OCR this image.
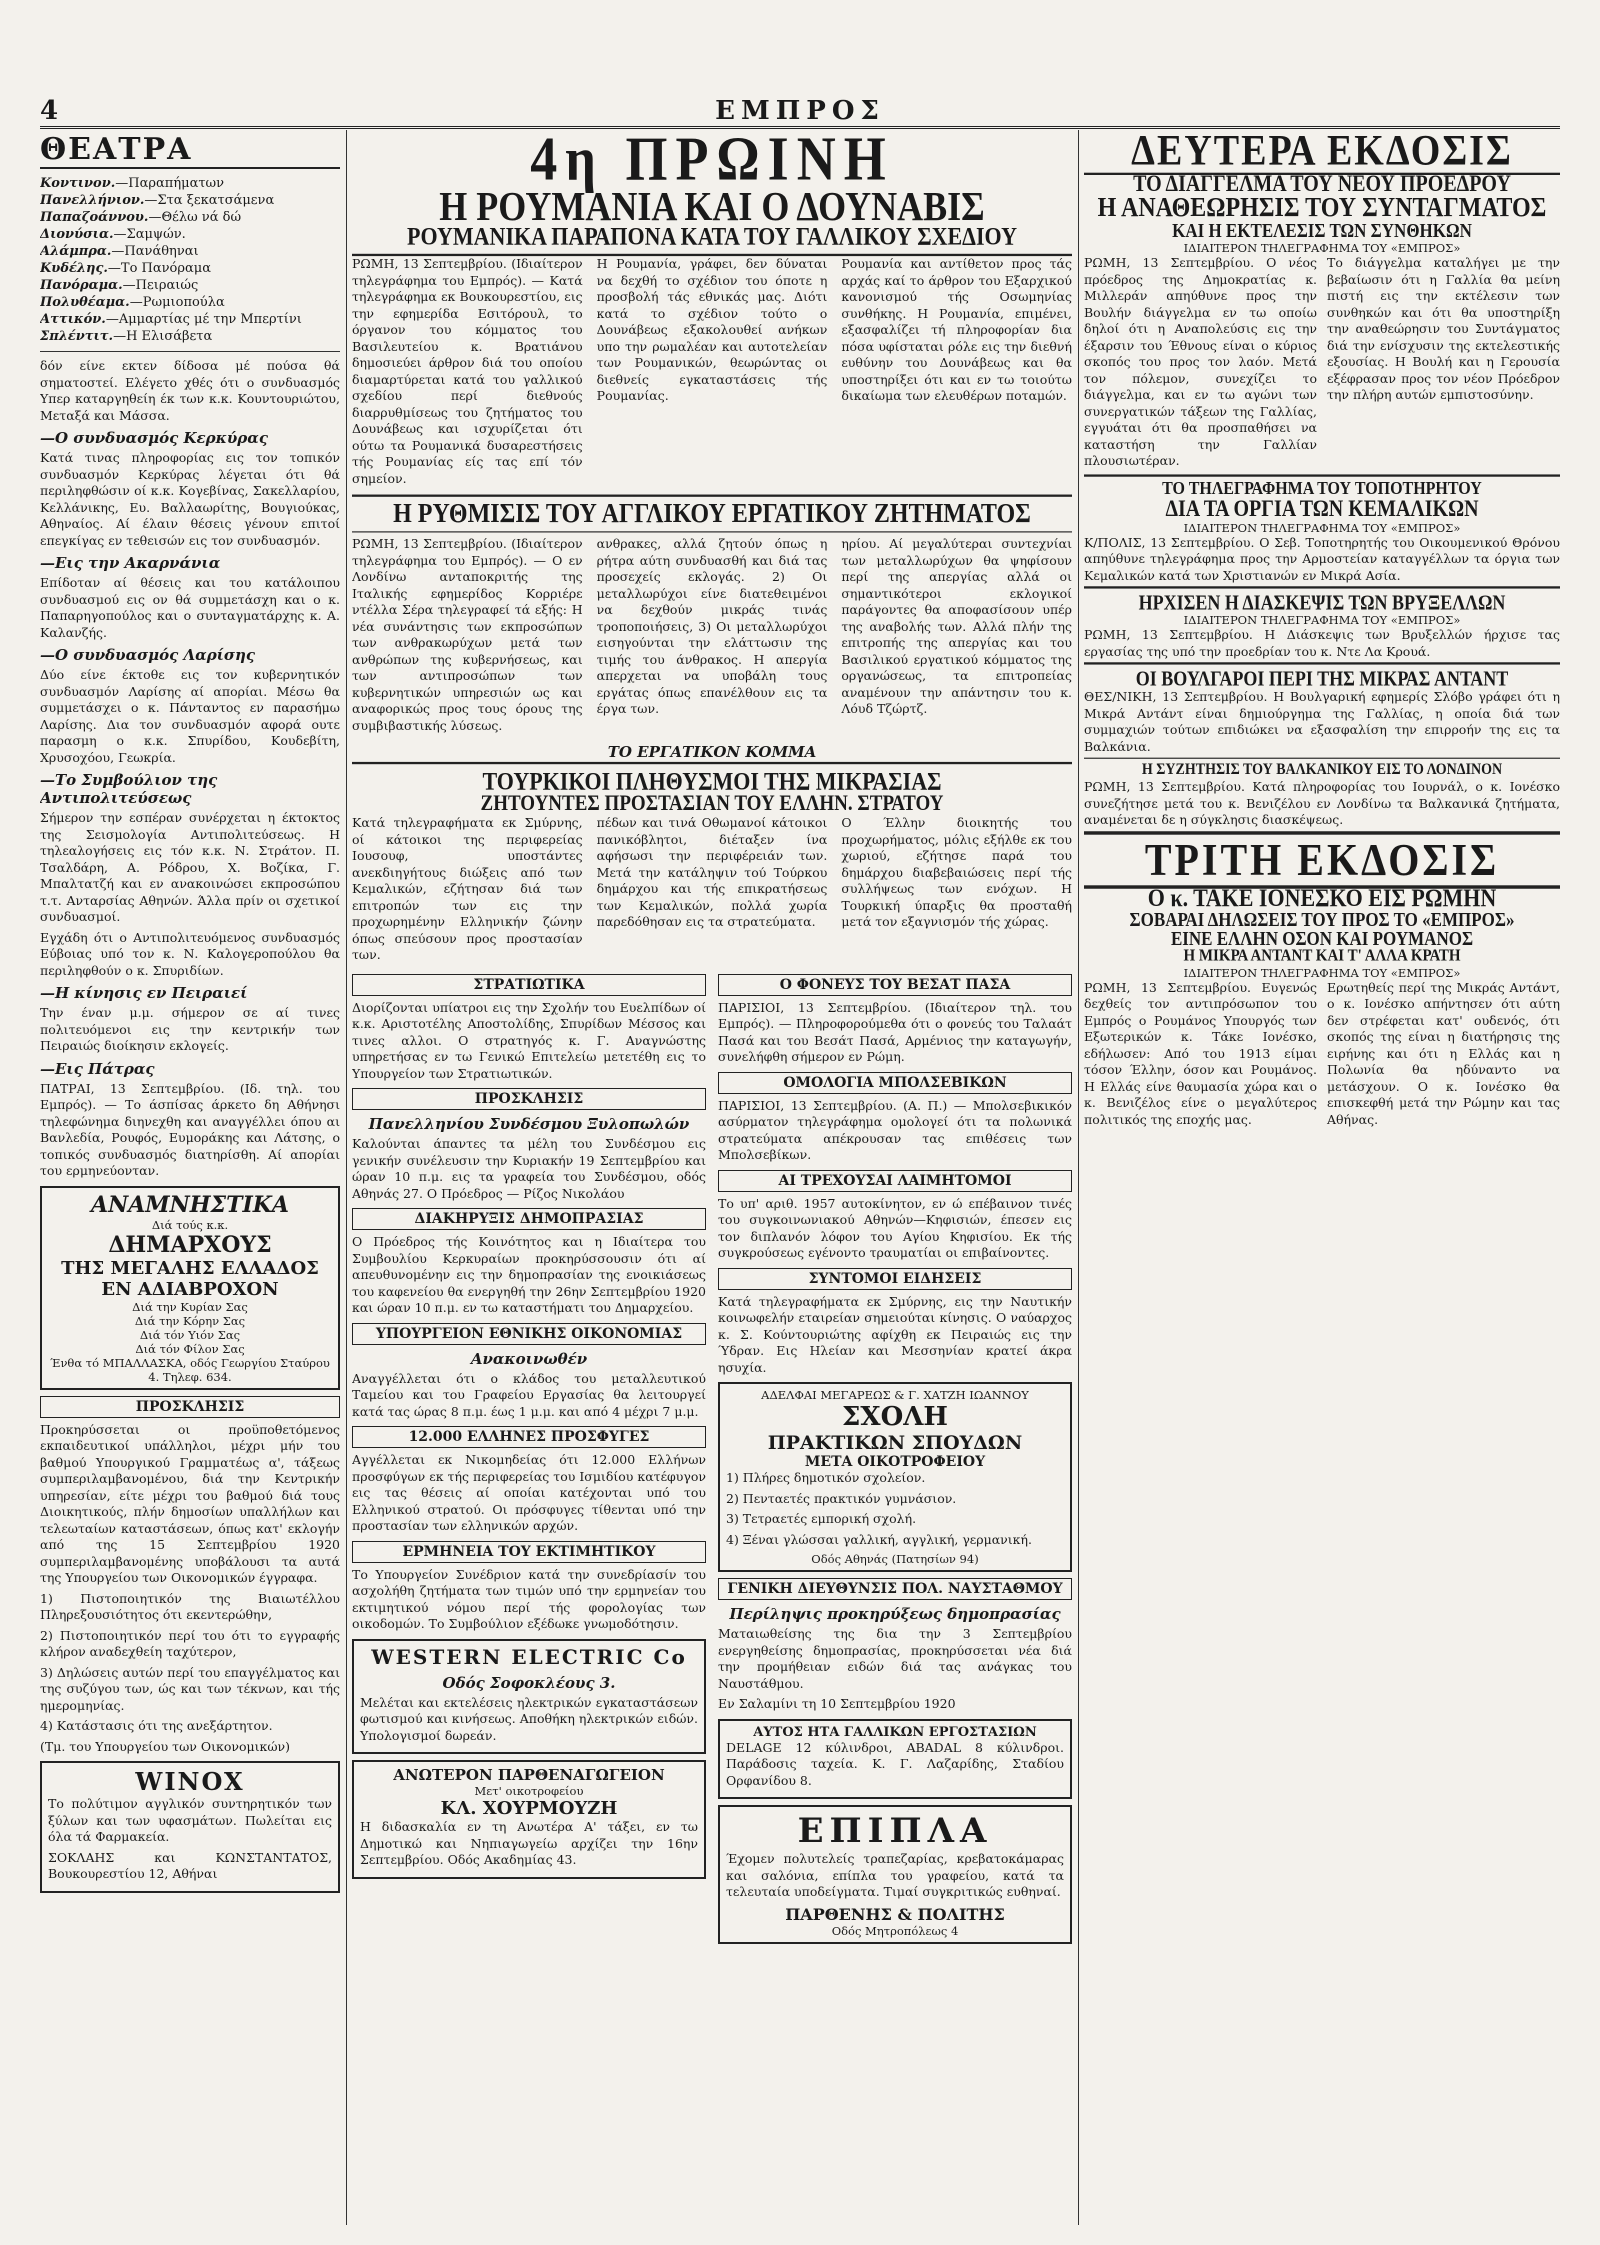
4	ΕΜΠΡΟΣ
ΘΕΑΤΡΑ

Κοντινον.—Παραπήματων

Πανελλήνιον.—Στα ξεκατσάμενα

Παπαζοάννου.—Θέλω νά δώ

Διονύσια.—Σαμψών.

Αλάμπρα.—Πανάθηναι

Κυδέλης.—Το Πανόραμα

Πανόραμα.—Πειραιώς

Πολυθέαμα.—Ρωμιοπούλα

Αττικόν.—Αμμαρτίας μέ την Μπερτίνι

Σπλέντιτ.—Η Ελισάβετα

δόν είνε εκτεν δίδοσα μέ πούσα θά σηματοστεί. Ελέγετο χθές ότι ο συνδυασμός Υπερ καταργηθείη έκ των κ.κ. Κουντουριώτου, Μεταξά και Μάσσα.

—Ο συνδυασμός Κερκύρας

Κατά τινας πληροφορίας εις τον τοπικόν συνδυασμόν Κερκύρας λέγεται ότι θά περιληφθώσιν οί κ.κ. Κογεβίνας, Σακελλαρίου, Κελλάνικης, Ευ. Βαλλαωρίτης, Βουγιούκας, Αθηναίος. Αί έλαιν θέσεις γένουν επιτοί επεγκίγας εν τεθεισών εις τον συνδυασμόν.

—Εις την Ακαρνάνια

Επίδοταν αί θέσεις και του κατάλοιπου συνδυασμού εις ον θά συμμετάσχη και ο κ. Παπαρηγοπούλος και ο συνταγματάρχης κ. Α. Καλανζής.

—Ο συνδυασμός Λαρίσης

Δύο είνε έκτοθε εις τον κυβερνητικόν συνδυασμόν Λαρίσης αί απορίαι. Μέσω θα συμμετάσχει ο κ. Πάνταντος εν παρασήμω Λαρίσης. Δια τον συνδυασμόν αφορά ουτε παρασμη ο κ.κ. Σπυρίδου, Κουδεβίτη, Χρυσοχόου, Γεωκρία.

—Το Συμβούλιον της Αντιπολιτεύσεως

Σήμερον την εσπέραν συνέρχεται η έκτοκτος της Σεισμολογία Αντιπολιτεύσεως. Η τηλεαλογήσεις εις τόν κ.κ. Ν. Στράτον. Π. Τσαλδάρη, Α. Ρόδρου, Χ. Βοζίκα, Γ. Μπαλτατζή και εν ανακοινώσει εκπροσώπου τ.τ. Ανταρσίας Αθηνών. Άλλα πρίν οι σχετικοί συνδυασμοί.

Εγχάδη ότι ο Αντιπολιτευόμενος συνδυασμός Εύβοιας υπό τον κ. Ν. Καλογεροπούλου θα περιληφθούν ο κ. Σπυριδίων.

—Η κίνησις εν Πειραιεί

Την έναν μ.μ. σήμερον σε αί τινες πολιτευόμενοι εις την κεντρικήν των Πειραιώς διοίκησιν εκλογείς.

—Εις Πάτρας

ΠΑΤΡΑΙ, 13 Σεπτεμβρίου. (Ιδ. τηλ. του Εμπρός). — Το άσπίσας άρκετο δη Αθήνησι τηλεφώνημα διηνεχθη και αναγγέλλει όπου αι Βανλεδία, Ρουφός, Ευμοράκης και Λάτσης, ο τοπικός συνδυασμός διατηρίσθη. Αί απορίαι του ερμηνεύονταν.

ΑΝΑΜΝΗΣΤΙΚΑ
Διά τούς κ.κ.
ΔΗΜΑΡΧΟΥΣ
ΤΗΣ ΜΕΓΑΛΗΣ ΕΛΛΑΔΟΣ
ΕΝ ΑΔΙΑΒΡΟΧΟΝ
Διά την Κυρίαν Σας
Διά την Κόρην Σας
Διά τόν Υιόν Σας
Διά τόν Φίλον Σας
Ένθα τό ΜΠΑΛΛΑΣΚΑ, οδός Γεωργίου Σταύρου 4. Τηλεφ. 634.
ΠΡΟΣΚΛΗΣΙΣ

Προκηρύσσεται οι προϋποθετόμενος εκπαιδευτικοί υπάλληλοι, μέχρι μήν του βαθμού Υπουργικού Γραμματέως α', τάξεως συμπεριλαμβανομένου, διά την Κεντρικήν υπηρεσίαν, είτε μέχρι του βαθμού διά τους Διοικητικούς, πλήν δημοσίων υπαλλήλων και τελεωταίων καταστάσεων, όπως κατ' εκλογήν από της 15 Σεπτεμβρίου 1920 συμπεριλαμβανομένης υποβάλουσι τα αυτά της Υπουργείου των Οικονομικών έγγραφα.

1) Πιστοποιητικόν της Βιαιωτέλλου Πληρεξουσιότητος ότι εκεντερώθην,

2) Πιστοποιητικόν περί του ότι το εγγραφής κλήρον αναδεχθείη ταχύτερον,

3) Δηλώσεις αυτών περί του επαγγέλματος και της συζύγου των, ώς και των τέκνων, και τής ημερομηνίας.

4) Κατάστασις ότι της ανεξάρτητον.

(Τμ. του Υπουργείου των Οικονομικών)

WINOX

Το πολύτιμον αγγλικόν συντηρητικόν των ξύλων και των υφασμάτων. Πωλείται εις όλα τά Φαρμακεία.

ΣΟΚΛΑΗΣ και ΚΩΝΣΤΑΝΤΑΤΟΣ, Βουκουρεστίου 12, Αθήναι

4η ΠΡΩΙΝΗ
Η ΡΟΥΜΑΝΙΑ ΚΑΙ Ο ΔΟΥΝΑΒΙΣ
ΡΟΥΜΑΝΙΚΑ ΠΑΡΑΠΟΝΑ ΚΑΤΑ ΤΟΥ ΓΑΛΛΙΚΟΥ ΣΧΕΔΙΟΥ

ΡΩΜΗ, 13 Σεπτεμβρίου. (Ιδιαίτερον τηλεγράφημα του Εμπρός). — Κατά τηλεγράφημα εκ Βουκουρεστίου, εις την εφημερίδα Εσιτόρουλ, το όργανον του κόμματος του Βασιλευτείου κ. Βρατιάνου δημοσιεύει άρθρον διά του οποίου διαμαρτύρεται κατά του γαλλικού σχεδίου περί διεθνούς διαρρυθμίσεως του ζητήματος του Δουνάβεως και ισχυρίζεται ότι ούτω τα Ρουμανικά δυσαρεστήσεις τής Ρουμανίας είς τας επί τόν σημείον.

Η Ρουμανία, γράφει, δεν δύναται να δεχθή το σχέδιον του όποτε η προσβολή τάς εθνικάς μας. Διότι κατά το σχέδιον τούτο ο Δουνάβεως εξακολουθεί ανήκων υπο την ρωμαλέαν και αυτοτελείαν των Ρουμανικών, θεωρώντας οι διεθνείς εγκαταστάσεις τής Ρουμανίας.

Ρουμανία και αντίθετον προς τάς αρχάς καί το άρθρον του Εξαρχικού κανονισμού τής Οσωμηνίας συνθήκης. Η Ρουμανία, επιμένει, εξασφαλίζει τή πληροφορίαν δια πόσα υφίσταται ρόλε εις την διεθνή ευθύνην του Δουνάβεως και θα υποστηρίξει ότι και εν τω τοιούτω δικαίωμα των ελευθέρων ποταμών.

Η ΡΥΘΜΙΣΙΣ ΤΟΥ ΑΓΓΛΙΚΟΥ ΕΡΓΑΤΙΚΟΥ ΖΗΤΗΜΑΤΟΣ

ΡΩΜΗ, 13 Σεπτεμβρίου. (Ιδιαίτερον τηλεγράφημα του Εμπρός). — Ο εν Λονδίνω ανταποκριτής της Ιταλικής εφημερίδος Κορριέρε ντέλλα Σέρα τηλεγραφεί τά εξής: Η νέα συνάντησις των εκπροσώπων των ανθρακωρύχων μετά των ανθρώπων της κυβερνήσεως, και των αντιπροσώπων των κυβερνητικών υπηρεσιών ως και αναφορικώς προς τους όρους της συμβιβαστικής λύσεως.

ανθρακες, αλλά ζητούν όπως η ρήτρα αύτη συνδυασθή και διά τας προσεχείς εκλογάς. 2) Οι μεταλλωρύχοι είνε διατεθειμένοι να δεχθούν μικράς τινάς τροποποιήσεις, 3) Οι μεταλλωρύχοι εισηγούνται την ελάττωσιν της τιμής του άνθρακος. Η απεργία απερχεται να υποβάλη τους εργάτας όπως επανέλθουν εις τα έργα των.

ηρίου. Αί μεγαλύτεραι συντεχνίαι των μεταλλωρύχων θα ψηφίσουν περί της απεργίας αλλά οι σημαντικότεροι εκλογικοί παράγοντες θα αποφασίσουν υπέρ της αναβολής των. Αλλά πλήν της επιτροπής της απεργίας και του Βασιλικού εργατικού κόμματος της οργανώσεως, τα επιτροπείας αναμένουν την απάντησιν του κ. Λόυδ Τζώρτζ.

ΤΟ ΕΡΓΑΤΙΚΟΝ ΚΟΜΜΑ
ΤΟΥΡΚΙΚΟΙ ΠΛΗΘΥΣΜΟΙ ΤΗΣ ΜΙΚΡΑΣΙΑΣ
ΖΗΤΟΥΝΤΕΣ ΠΡΟΣΤΑΣΙΑΝ ΤΟΥ ΕΛΛΗΝ. ΣΤΡΑΤΟΥ

Κατά τηλεγραφήματα εκ Σμύρνης, οί κάτοικοι της περιφερείας Ιουσουφ, υποστάντες ανεκδιηγήτους διώξεις από των Κεμαλικών, εζήτησαν διά των επιτροπών των εις την προχωρημένην Ελληνικήν ζώνην όπως σπεύσουν προς προστασίαν των.

πέδων και τινά Οθωμανοί κάτοικοι πανικόβλητοι, διέταξεν ίνα αφήσωσι την περιφέρειάν των. Μετά την κατάληψιν τού Τούρκου δημάρχου και τής επικρατήσεως των Κεμαλικών, πολλά χωρία παρεδόθησαν εις τα στρατεύματα.

Ο Έλλην διοικητής του προχωρήματος, μόλις εξήλθε εκ του χωριού, εζήτησε παρά του δημάρχου διαβεβαιώσεις περί τής συλλήψεως των ενόχων. Η Τουρκική ύπαρξις θα προσταθή μετά τον εξαγνισμόν τής χώρας.

ΣΤΡΑΤΙΩΤΙΚΑ

Διορίζονται υπίατροι εις την Σχολήν του Ευελπίδων οί κ.κ. Αριστοτέλης Αποστολίδης, Σπυρίδων Μέσσος και τινες αλλοι. Ο στρατηγός κ. Γ. Αναγνώστης υπηρετήσας εν τω Γενικώ Επιτελείω μετετέθη εις το Υπουργείον των Στρατιωτικών.

ΠΡΟΣΚΛΗΣΙΣ
Πανελληνίου Συνδέσμου Ξυλοπωλών

Καλούνται άπαντες τα μέλη του Συνδέσμου εις γενικήν συνέλευσιν την Κυριακήν 19 Σεπτεμβρίου και ώραν 10 π.μ. εις τα γραφεία του Συνδέσμου, οδός Αθηνάς 27. Ο Πρόεδρος — Ρίζος Νικολάου

ΔΙΑΚΗΡΥΞΙΣ ΔΗΜΟΠΡΑΣΙΑΣ

Ο Πρόεδρος τής Κοινότητος και η Ιδιαίτερα του Συμβουλίου Κερκυραίων προκηρύσσουσιν ότι αί απευθυνομένην εις την δημοπρασίαν της ενοικιάσεως του καφενείου θα ενεργηθή την 26ην Σεπτεμβρίου 1920 και ώραν 10 π.μ. εν τω καταστήματι του Δημαρχείου.

ΥΠΟΥΡΓΕΙΟΝ ΕΘΝΙΚΗΣ ΟΙΚΟΝΟΜΙΑΣ
Ανακοινωθέν

Αναγγέλλεται ότι ο κλάδος του μεταλλευτικού Ταμείου και του Γραφείου Εργασίας θα λειτουργεί κατά τας ώρας 8 π.μ. έως 1 μ.μ. και από 4 μέχρι 7 μ.μ.

12.000 ΕΛΛΗΝΕΣ ΠΡΟΣΦΥΓΕΣ

Αγγέλλεται εκ Νικομηδείας ότι 12.000 Ελλήνων προσφύγων εκ τής περιφερείας του Ισμιδίου κατέφυγον εις τας θέσεις αί οποίαι κατέχονται υπό του Ελληνικού στρατού. Οι πρόσφυγες τίθενται υπό την προστασίαν των ελληνικών αρχών.

ΕΡΜΗΝΕΙΑ ΤΟΥ ΕΚΤΙΜΗΤΙΚΟΥ

Το Υπουργείον Συνέδριον κατά την συνεδρίασίν του ασχολήθη ζητήματα των τιμών υπό την ερμηνείαν του εκτιμητικού νόμου περί τής φορολογίας των οικοδομών. Το Συμβούλιον εξέδωκε γνωμοδότησιν.

WESTERN ELECTRIC Co
Οδός Σοφοκλέους 3.

Μελέται και εκτελέσεις ηλεκτρικών εγκαταστάσεων φωτισμού και κινήσεως. Αποθήκη ηλεκτρικών ειδών. Υπολογισμοί δωρεάν.

ΑΝΩΤΕΡΟΝ ΠΑΡΘΕΝΑΓΩΓΕΙΟΝ
Μετ' οικοτροφείου
ΚΛ. ΧΟΥΡΜΟΥΖΗ

Η διδασκαλία εν τη Ανωτέρα Α' τάξει, εν τω Δημοτικώ και Νηπιαγωγείω αρχίζει την 16ην Σεπτεμβρίου. Οδός Ακαδημίας 43.

Ο ΦΟΝΕΥΣ ΤΟΥ ΒΕΣΑΤ ΠΑΣΑ

ΠΑΡΙΣΙΟΙ, 13 Σεπτεμβρίου. (Ιδιαίτερον τηλ. του Εμπρός). — Πληροφορούμεθα ότι ο φονεύς του Ταλαάτ Πασά και του Βεσάτ Πασά, Αρμένιος την καταγωγήν, συνελήφθη σήμερον εν Ρώμη.

ΟΜΟΛΟΓΙΑ ΜΠΟΛΣΕΒΙΚΩΝ

ΠΑΡΙΣΙΟΙ, 13 Σεπτεμβρίου. (Α. Π.) — Μπολσεβικικόν ασύρματον τηλεγράφημα ομολογεί ότι τα πολωνικά στρατεύματα απέκρουσαν τας επιθέσεις των Μπολσεβίκων.

ΑΙ ΤΡΕΧΟΥΣΑΙ ΛΑΙΜΗΤΟΜΟΙ

Το υπ' αριθ. 1957 αυτοκίνητον, εν ώ επέβαινον τινές του συγκοινωνιακού Αθηνών—Κηφισιών, έπεσεν εις τον διπλανόν λόφον του Αγίου Κηφισίου. Εκ τής συγκρούσεως εγένοντο τραυματίαι οι επιβαίνοντες.

ΣΥΝΤΟΜΟΙ ΕΙΔΗΣΕΙΣ

Κατά τηλεγραφήματα εκ Σμύρνης, εις την Ναυτικήν κοινωφελήν εταιρείαν σημειούται κίνησις. Ο ναύαρχος κ. Σ. Κούντουριώτης αφίχθη εκ Πειραιώς εις την Ύδραν. Εις Ηλείαν και Μεσσηνίαν κρατεί άκρα ησυχία.

ΑΔΕΛΦΑΙ ΜΕΓΑΡΕΩΣ & Γ. ΧΑΤΖΗ ΙΩΑΝΝΟΥ
ΣΧΟΛΗ
ΠΡΑΚΤΙΚΩΝ ΣΠΟΥΔΩΝ
ΜΕΤΑ ΟΙΚΟΤΡΟΦΕΙΟΥ

1) Πλήρες δημοτικόν σχολείον.

2) Πενταετές πρακτικόν γυμνάσιον.

3) Τετραετές εμπορική σχολή.

4) Ξέναι γλώσσαι γαλλική, αγγλική, γερμανική.

Οδός Αθηνάς (Πατησίων 94)
ΓΕΝΙΚΗ ΔΙΕΥΘΥΝΣΙΣ ΠΟΛ. ΝΑΥΣΤΑΘΜΟΥ
Περίληψις προκηρύξεως δημοπρασίας

Ματαιωθείσης της δια την 3 Σεπτεμβρίου ενεργηθείσης δημοπρασίας, προκηρύσσεται νέα διά την προμήθειαν ειδών διά τας ανάγκας του Ναυστάθμου.

Εν Σαλαμίνι τη 10 Σεπτεμβρίου 1920

ΑΥΤΟΣ ΗΤΑ ΓΑΛΛΙΚΩΝ ΕΡΓΟΣΤΑΣΙΩΝ

DELAGE 12 κύλινδροι, ABADAL 8 κύλινδροι. Παράδοσις ταχεία. Κ. Γ. Λαζαρίδης, Σταδίου Ορφανίδου 8.

ΕΠΙΠΛΑ

Έχομεν πολυτελείς τραπεζαρίας, κρεβατοκάμαρας και σαλόνια, επίπλα του γραφείου, κατά τα τελευταία υποδείγματα. Τιμαί συγκριτικώς ευθηναί.

ΠΑΡΘΕΝΗΣ & ΠΟΛΙΤΗΣ
Οδός Μητροπόλεως 4
ΔΕΥΤΕΡΑ ΕΚΔΟΣΙΣ
ΤΟ ΔΙΑΓΓΕΛΜΑ ΤΟΥ ΝΕΟΥ ΠΡΟΕΔΡΟΥ
Η ΑΝΑΘΕΩΡΗΣΙΣ ΤΟΥ ΣΥΝΤΑΓΜΑΤΟΣ
ΚΑΙ Η ΕΚΤΕΛΕΣΙΣ ΤΩΝ ΣΥΝΘΗΚΩΝ
ΙΔΙΑΙΤΕΡΟΝ ΤΗΛΕΓΡΑΦΗΜΑ ΤΟΥ «ΕΜΠΡΟΣ»

ΡΩΜΗ, 13 Σεπτεμβρίου. Ο νέος πρόεδρος της Δημοκρατίας κ. Μιλλεράν απηύθυνε προς την Βουλήν διάγγελμα εν τω οποίω δηλοί ότι η Αναπολεύσις εις την έξαρσιν του Έθνους είναι ο κύριος σκοπός του προς τον λαόν. Μετά τον πόλεμον, συνεχίζει το διάγγελμα, και εν τω αγώνι των συνεργατικών τάξεων της Γαλλίας, εγγυάται ότι θα προσπαθήσει να καταστήση την Γαλλίαν πλουσιωτέραν.

Το διάγγελμα καταλήγει με την βεβαίωσιν ότι η Γαλλία θα μείνη πιστή εις την εκτέλεσιν των συνθηκών και ότι θα υποστηρίξη την αναθεώρησιν του Συντάγματος διά την ενίσχυσιν της εκτελεστικής εξουσίας. Η Βουλή και η Γερουσία εξέφρασαν προς τον νέον Πρόεδρον την πλήρη αυτών εμπιστοσύνην.

ΤΟ ΤΗΛΕΓΡΑΦΗΜΑ ΤΟΥ ΤΟΠΟΤΗΡΗΤΟΥ
ΔΙΑ ΤΑ ΟΡΓΙΑ ΤΩΝ ΚΕΜΑΛΙΚΩΝ
ΙΔΙΑΙΤΕΡΟΝ ΤΗΛΕΓΡΑΦΗΜΑ ΤΟΥ «ΕΜΠΡΟΣ»

Κ/ΠΟΛΙΣ, 13 Σεπτεμβρίου. Ο Σεβ. Τοποτηρητής του Οικουμενικού Θρόνου απηύθυνε τηλεγράφημα προς την Αρμοστείαν καταγγέλλων τα όργια των Κεμαλικών κατά των Χριστιανών εν Μικρά Ασία.

ΗΡΧΙΣΕΝ Η ΔΙΑΣΚΕΨΙΣ ΤΩΝ ΒΡΥΞΕΛΛΩΝ
ΙΔΙΑΙΤΕΡΟΝ ΤΗΛΕΓΡΑΦΗΜΑ ΤΟΥ «ΕΜΠΡΟΣ»

ΡΩΜΗ, 13 Σεπτεμβρίου. Η Διάσκεψις των Βρυξελλών ήρχισε τας εργασίας της υπό την προεδρίαν του κ. Ντε Λα Κρουά.

ΟΙ ΒΟΥΛΓΑΡΟΙ ΠΕΡΙ ΤΗΣ ΜΙΚΡΑΣ ΑΝΤΑΝΤ

ΘΕΣ/ΝΙΚΗ, 13 Σεπτεμβρίου. Η Βουλγαρική εφημερίς Σλόβο γράφει ότι η Μικρά Αντάντ είναι δημιούργημα της Γαλλίας, η οποία διά των συμμαχιών τούτων επιδιώκει να εξασφαλίση την επιρροήν της εις τα Βαλκάνια.

Η ΣΥΖΗΤΗΣΙΣ ΤΟΥ ΒΑΛΚΑΝΙΚΟΥ ΕΙΣ ΤΟ ΛΟΝΔΙΝΟΝ

ΡΩΜΗ, 13 Σεπτεμβρίου. Κατά πληροφορίας του Ιουρνάλ, ο κ. Ιονέσκο συνεζήτησε μετά του κ. Βενιζέλου εν Λονδίνω τα Βαλκανικά ζητήματα, αναμένεται δε η σύγκλησις διασκέψεως.

ΤΡΙΤΗ ΕΚΔΟΣΙΣ
Ο κ. ΤΑΚΕ ΙΟΝΕΣΚΟ ΕΙΣ ΡΩΜΗΝ
ΣΟΒΑΡΑΙ ΔΗΛΩΣΕΙΣ ΤΟΥ ΠΡΟΣ ΤΟ «ΕΜΠΡΟΣ»
ΕΙΝΕ ΕΛΛΗΝ ΟΣΟΝ ΚΑΙ ΡΟΥΜΑΝΟΣ
Η ΜΙΚΡΑ ΑΝΤΑΝΤ ΚΑΙ Τ' ΑΛΛΑ ΚΡΑΤΗ
ΙΔΙΑΙΤΕΡΟΝ ΤΗΛΕΓΡΑΦΗΜΑ ΤΟΥ «ΕΜΠΡΟΣ»

ΡΩΜΗ, 13 Σεπτεμβρίου. Ευγενώς δεχθείς τον αντιπρόσωπον του Εμπρός ο Ρουμάνος Υπουργός των Εξωτερικών κ. Τάκε Ιονέσκο, εδήλωσεν: Από του 1913 είμαι τόσον Έλλην, όσον και Ρουμάνος. Η Ελλάς είνε θαυμασία χώρα και ο κ. Βενιζέλος είνε ο μεγαλύτερος πολιτικός της εποχής μας.

Ερωτηθείς περί της Μικράς Αντάντ, ο κ. Ιονέσκο απήντησεν ότι αύτη δεν στρέφεται κατ' ουδενός, ότι σκοπός της είναι η διατήρησις της ειρήνης και ότι η Ελλάς και η Πολωνία θα ηδύναντο να μετάσχουν. Ο κ. Ιονέσκο θα επισκεφθή μετά την Ρώμην και τας Αθήνας.
